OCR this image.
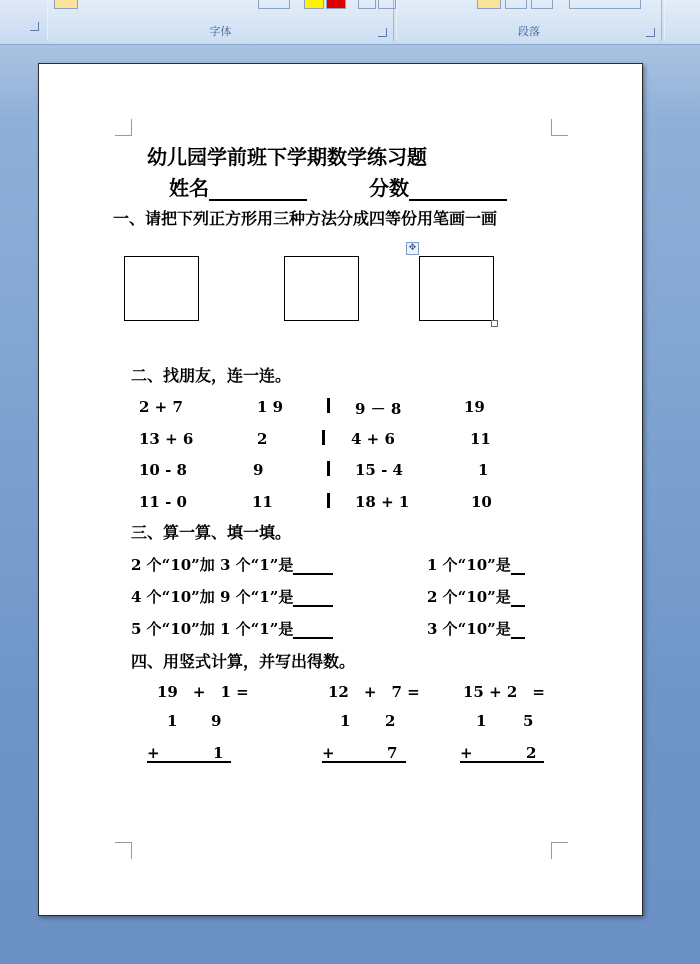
字体	段落
幼儿园学前班下学期数学练习题
姓名	分数
一、请把下列正方形用三种方法分成四等份用笔画一画
✥
二、找朋友，连一连。
2 + 7	1 9	9 － 8	19
13 + 6	2	4 + 6	11
10 - 8	9	15 - 4	1
11 - 0	11	18 + 1	10
三、算一算、填一填。
2 个“10”加 3 个“1”是	1 个“10”是
4 个“10”加 9 个“1”是	2 个“10”是
5 个“10”加 1 个“1”是	3 个“10”是
四、用竖式计算，并写出得数。
19　+　1 =
1 9
+	1
12　+　7 =
1 2
+	7
15 + 2　=
1 5
+	2
